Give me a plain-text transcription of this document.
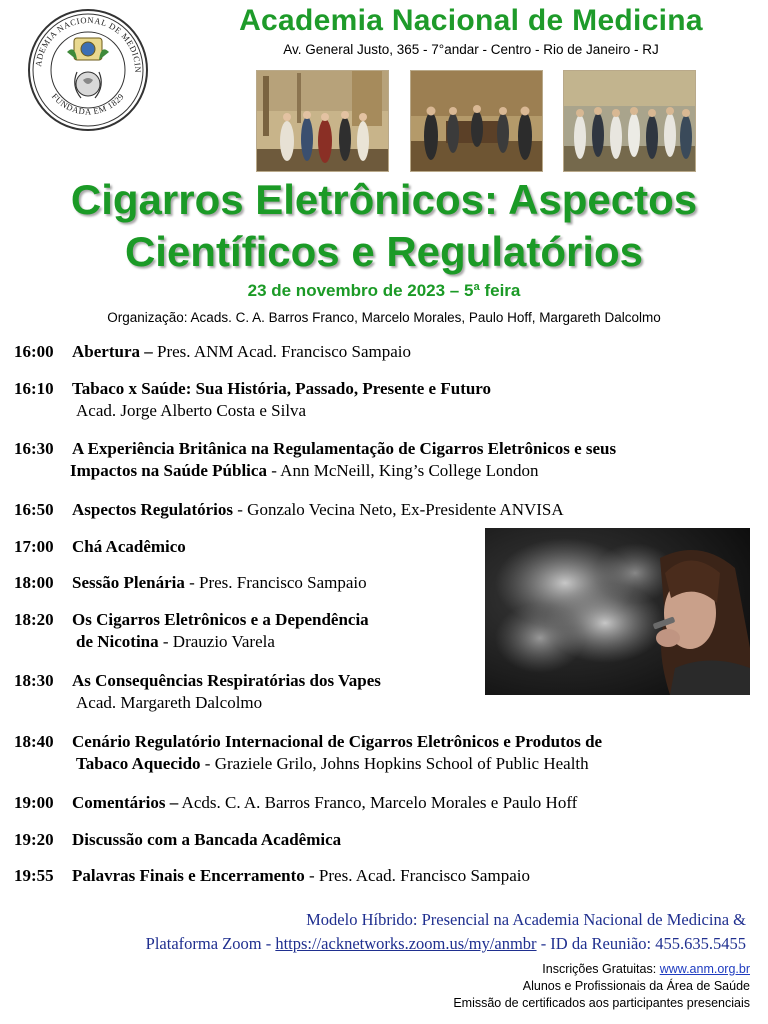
ADEMIA NACIONAL DE MEDICIN
FUNDADA EM 1829
Academia Nacional de Medicina
Av. General Justo, 365 - 7°andar - Centro - Rio de Janeiro - RJ
Cigarros Eletrônicos: Aspectos
Científicos e Regulatórios
23 de novembro de 2023 – 5ª feira
Organização: Acads. C. A. Barros Franco, Marcelo Morales, Paulo Hoff, Margareth Dalcolmo
16:00 Abertura – Pres. ANM Acad. Francisco Sampaio
16:10 Tabaco x Saúde: Sua História, Passado, Presente e Futuro
Acad. Jorge Alberto Costa e Silva
16:30 A Experiência Britânica na Regulamentação de Cigarros Eletrônicos e seus
Impactos na Saúde Pública - Ann McNeill, King’s College London
16:50 Aspectos Regulatórios - Gonzalo Vecina Neto, Ex-Presidente ANVISA
17:00 Chá Acadêmico
18:00 Sessão Plenária - Pres. Francisco Sampaio
18:20 Os Cigarros Eletrônicos e a Dependência
de Nicotina - Drauzio Varela
18:30 As Consequências Respiratórias dos Vapes
Acad. Margareth Dalcolmo
18:40 Cenário Regulatório Internacional de Cigarros Eletrônicos e Produtos de
Tabaco Aquecido - Graziele Grilo, Johns Hopkins School of Public Health
19:00 Comentários – Acds. C. A. Barros Franco, Marcelo Morales e Paulo Hoff
19:20 Discussão com a Bancada Acadêmica
19:55 Palavras Finais e Encerramento - Pres. Acad. Francisco Sampaio
Modelo Híbrido: Presencial na Academia Nacional de Medicina &
Plataforma Zoom - https://acknetworks.zoom.us/my/anmbr - ID da Reunião: 455.635.5455
Inscrições Gratuitas: www.anm.org.br
Alunos e Profissionais da Área de Saúde
Emissão de certificados aos participantes presenciais
